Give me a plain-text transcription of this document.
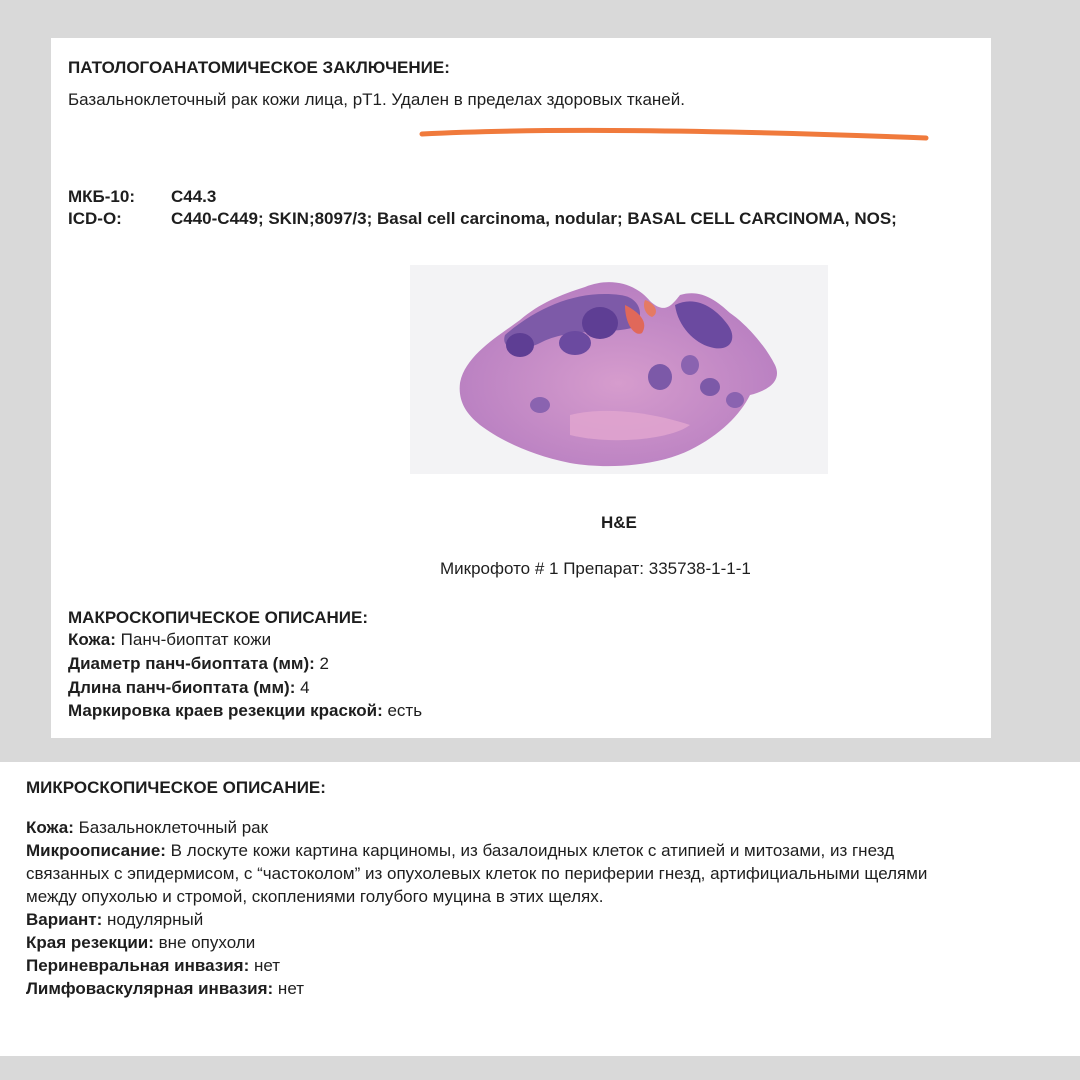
ПАТОЛОГОАНАТОМИЧЕСКОЕ ЗАКЛЮЧЕНИЕ:
Базальноклеточный рак кожи лица, pT1. Удален в пределах здоровых тканей.
МКБ-10:	C44.3
ICD-O:	C440-C449; SKIN;8097/3; Basal cell carcinoma, nodular; BASAL CELL CARCINOMA, NOS;
H&E
Микрофото # 1 Препарат: 335738-1-1-1
МАКРОСКОПИЧЕСКОЕ ОПИСАНИЕ:
Кожа: Панч-биоптат кожи
Диаметр панч-биоптата (мм): 2
Длина панч-биоптата (мм): 4
Маркировка краев резекции краской: есть
МИКРОСКОПИЧЕСКОЕ ОПИСАНИЕ:
Кожа: Базальноклеточный рак
Микроописание: В лоскуте кожи картина карциномы, из базалоидных клеток с атипией и митозами, из гнезд
связанных с эпидермисом, с “частоколом” из опухолевых клеток по периферии гнезд, артифициальными щелями
между опухолью и стромой, скоплениями голубого муцина в этих щелях.
Вариант: нодулярный
Края резекции: вне опухоли
Периневральная инвазия: нет
Лимфоваскулярная инвазия: нет
